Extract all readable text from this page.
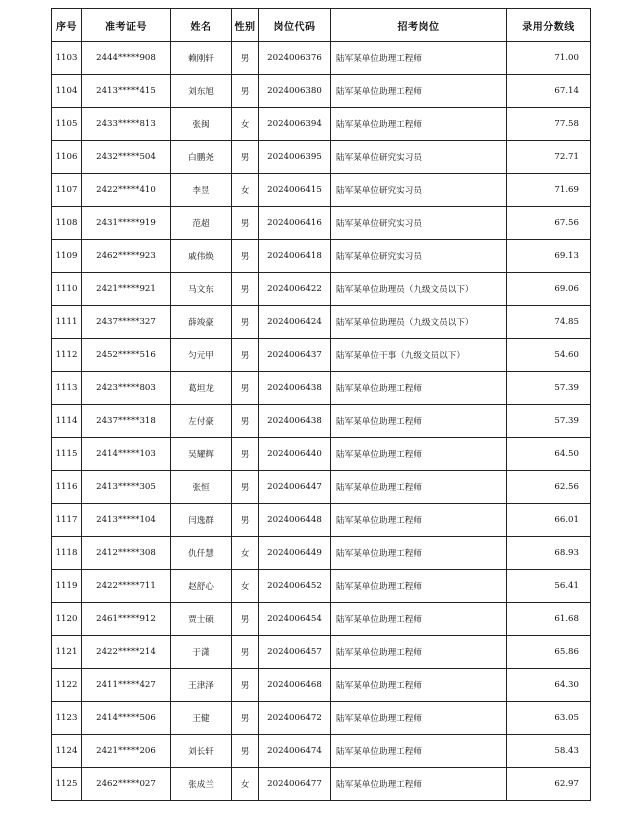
序号	准考证号	姓名	性别	岗位代码	招考岗位	录用分数线
1103	2444*****908	赖刚轩	男	2024006376	陆军某单位助理工程师	71.00
1104	2413*****415	刘东旭	男	2024006380	陆军某单位助理工程师	67.14
1105	2433*****813	张闽	女	2024006394	陆军某单位助理工程师	77.58
1106	2432*****504	白鹏尧	男	2024006395	陆军某单位研究实习员	72.71
1107	2422*****410	李昱	女	2024006415	陆军某单位研究实习员	71.69
1108	2431*****919	范超	男	2024006416	陆军某单位研究实习员	67.56
1109	2462*****923	戚伟焕	男	2024006418	陆军某单位研究实习员	69.13
1110	2421*****921	马文东	男	2024006422	陆军某单位助理员（九级文员以下）	69.06
1111	2437*****327	薛竣豪	男	2024006424	陆军某单位助理员（九级文员以下）	74.85
1112	2452*****516	匀元甲	男	2024006437	陆军某单位干事（九级文员以下）	54.60
1113	2423*****803	葛坦龙	男	2024006438	陆军某单位助理工程师	57.39
1114	2437*****318	左付豪	男	2024006438	陆军某单位助理工程师	57.39
1115	2414*****103	吴耀辉	男	2024006440	陆军某单位助理工程师	64.50
1116	2413*****305	张恒	男	2024006447	陆军某单位助理工程师	62.56
1117	2413*****104	闫逸群	男	2024006448	陆军某单位助理工程师	66.01
1118	2412*****308	仇仟慧	女	2024006449	陆军某单位助理工程师	68.93
1119	2422*****711	赵舒心	女	2024006452	陆军某单位助理工程师	56.41
1120	2461*****912	贾士硕	男	2024006454	陆军某单位助理工程师	61.68
1121	2422*****214	于潇	男	2024006457	陆军某单位助理工程师	65.86
1122	2411*****427	王津泽	男	2024006468	陆军某单位助理工程师	64.30
1123	2414*****506	王健	男	2024006472	陆军某单位助理工程师	63.05
1124	2421*****206	刘长轩	男	2024006474	陆军某单位助理工程师	58.43
1125	2462*****027	张成兰	女	2024006477	陆军某单位助理工程师	62.97
